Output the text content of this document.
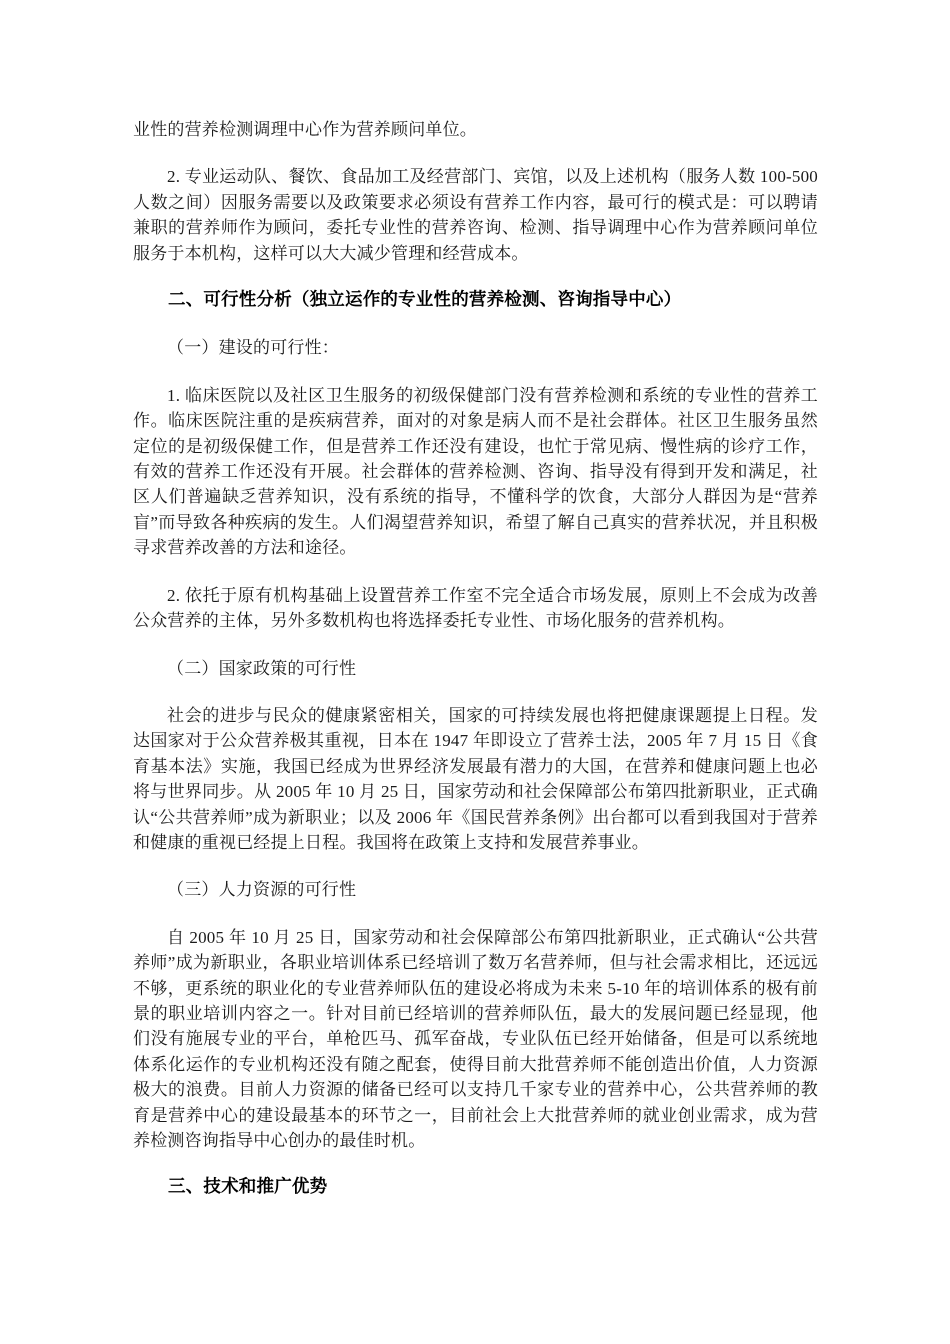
业性的营养检测调理中心作为营养顾问单位。

2. 专业运动队、餐饮、食品加工及经营部门、宾馆，以及上述机构（服务人数 100-500 人数之间）因服务需要以及政策要求必须设有营养工作内容，最可行的模式是：可以聘请兼职的营养师作为顾问，委托专业性的营养咨询、检测、指导调理中心作为营养顾问单位服务于本机构，这样可以大大减少管理和经营成本。

二、可行性分析（独立运作的专业性的营养检测、咨询指导中心）

（一）建设的可行性：

1. 临床医院以及社区卫生服务的初级保健部门没有营养检测和系统的专业性的营养工作。临床医院注重的是疾病营养，面对的对象是病人而不是社会群体。社区卫生服务虽然定位的是初级保健工作，但是营养工作还没有建设，也忙于常见病、慢性病的诊疗工作，有效的营养工作还没有开展。社会群体的营养检测、咨询、指导没有得到开发和满足，社区人们普遍缺乏营养知识，没有系统的指导，不懂科学的饮食，大部分人群因为是“营养盲”而导致各种疾病的发生。人们渴望营养知识，希望了解自己真实的营养状况，并且积极寻求营养改善的方法和途径。

2. 依托于原有机构基础上设置营养工作室不完全适合市场发展，原则上不会成为改善公众营养的主体，另外多数机构也将选择委托专业性、市场化服务的营养机构。

（二）国家政策的可行性

社会的进步与民众的健康紧密相关，国家的可持续发展也将把健康课题提上日程。发达国家对于公众营养极其重视，日本在 1947 年即设立了营养士法，2005 年 7 月 15 日《食育基本法》实施，我国已经成为世界经济发展最有潜力的大国，在营养和健康问题上也必将与世界同步。从 2005 年 10 月 25 日，国家劳动和社会保障部公布第四批新职业，正式确认“公共营养师”成为新职业；以及 2006 年《国民营养条例》出台都可以看到我国对于营养和健康的重视已经提上日程。我国将在政策上支持和发展营养事业。

（三）人力资源的可行性

自 2005 年 10 月 25 日，国家劳动和社会保障部公布第四批新职业，正式确认“公共营养师”成为新职业，各职业培训体系已经培训了数万名营养师，但与社会需求相比，还远远不够，更系统的职业化的专业营养师队伍的建设必将成为未来 5-10 年的培训体系的极有前景的职业培训内容之一。针对目前已经培训的营养师队伍，最大的发展问题已经显现，他们没有施展专业的平台，单枪匹马、孤军奋战，专业队伍已经开始储备，但是可以系统地体系化运作的专业机构还没有随之配套，使得目前大批营养师不能创造出价值，人力资源极大的浪费。目前人力资源的储备已经可以支持几千家专业的营养中心，公共营养师的教育是营养中心的建设最基本的环节之一，目前社会上大批营养师的就业创业需求，成为营养检测咨询指导中心创办的最佳时机。

三、技术和推广优势
